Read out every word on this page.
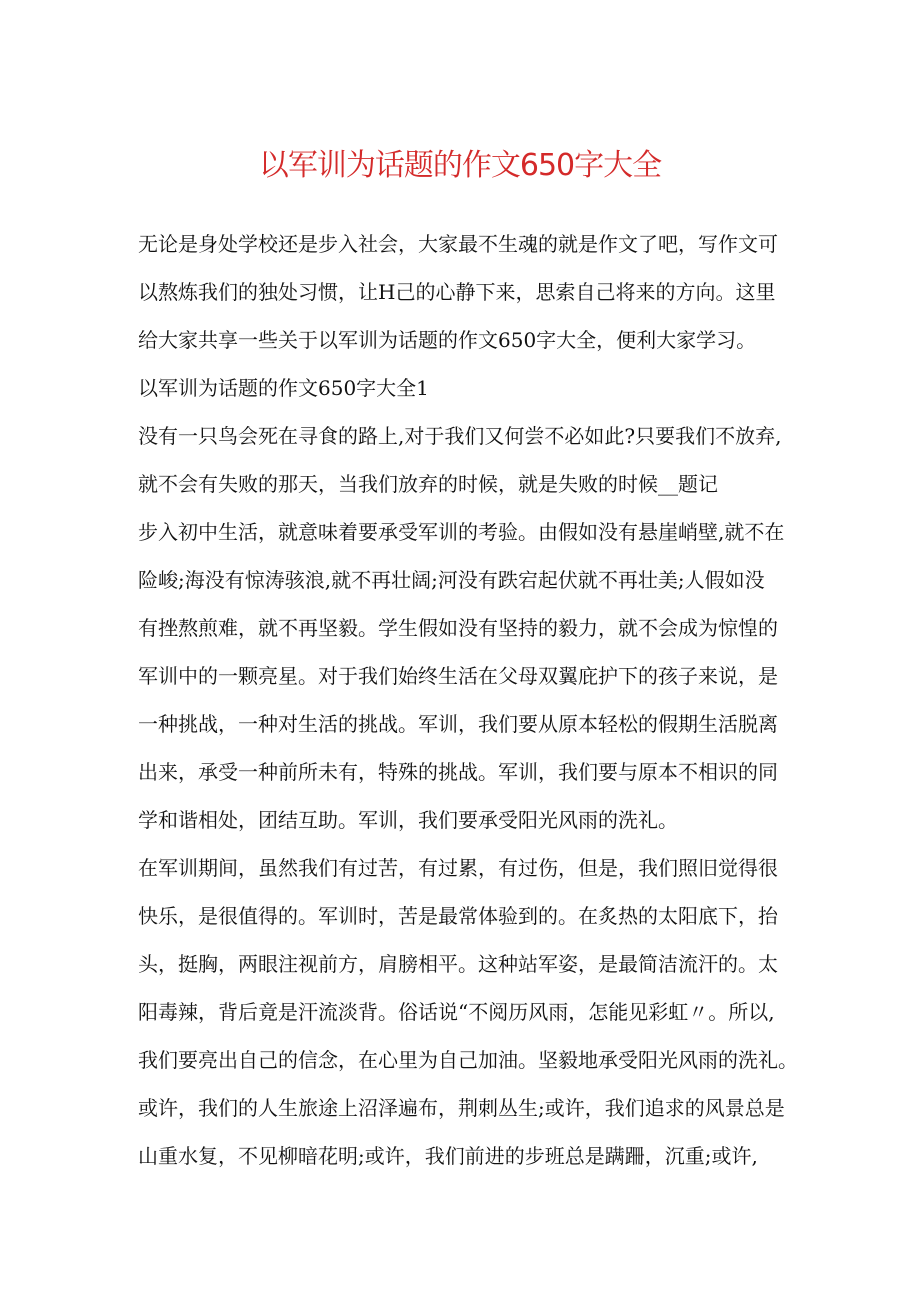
以军训为话题的作文650字大全
无论是身处学校还是步入社会，大家最不生魂的就是作文了吧，写作文可
以熬炼我们的独处习惯，让H己的心静下来，思索自己将来的方向。这里
给大家共享一些关于以军训为话题的作文650字大全，便利大家学习。
以军训为话题的作文650字大全1
没有一只鸟会死在寻食的路上,对于我们又何尝不必如此?只要我们不放弃,
就不会有失败的那天，当我们放弃的时候，就是失败的时候__题记
步入初中生活，就意味着要承受军训的考验。由假如没有悬崖峭壁,就不在
险峻;海没有惊涛骇浪,就不再壮阔;河没有跌宕起伏就不再壮美;人假如没
有挫熬煎难，就不再坚毅。学生假如没有坚持的毅力，就不会成为惊惶的
军训中的一颗亮星。对于我们始终生活在父母双翼庇护下的孩子来说，是
一种挑战，一种对生活的挑战。军训，我们要从原本轻松的假期生活脱离
出来，承受一种前所未有，特殊的挑战。军训，我们要与原本不相识的同
学和谐相处，团结互助。军训，我们要承受阳光风雨的洗礼。
在军训期间，虽然我们有过苦，有过累，有过伤，但是，我们照旧觉得很
快乐，是很值得的。军训时，苦是最常体验到的。在炙热的太阳底下，抬
头，挺胸，两眼注视前方，肩膀相平。这种站军姿，是最简洁流汗的。太
阳毒辣，背后竟是汗流淡背。俗话说“不阅历风雨，怎能见彩虹〃。所以,
我们要亮出自己的信念，在心里为自己加油。坚毅地承受阳光风雨的洗礼。
或许，我们的人生旅途上沼泽遍布，荆刺丛生;或许，我们追求的风景总是
山重水复，不见柳暗花明;或许，我们前进的步班总是蹒跚，沉重;或许,
